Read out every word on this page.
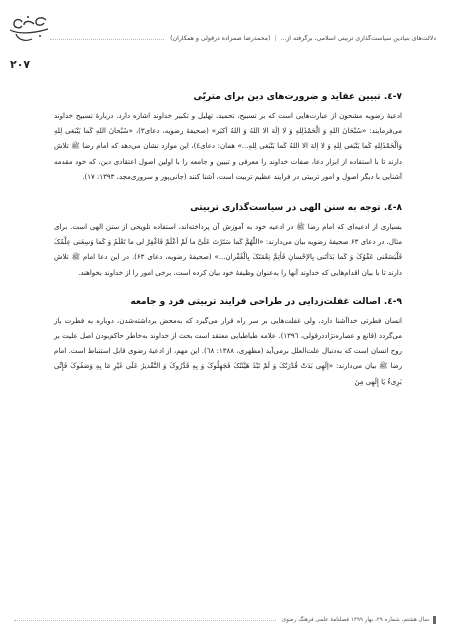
دلالت‌های بنیادین سیاست‌گذاری تربیتی اسلامی، برگرفته از... | (محمدرضا صمزاده درقولی و همکاران)
۲۰۷
۷-٤. تبیین عقاید و ضرورت‌های دین برای متربّی

ادعیهٔ رضویه مشحون از عبارت‌هایی است که بر تسبیح، تحمید، تهلیل و تکبیر خداوند اشاره دارد. دربارهٔ تسبیح خداوند می‌فرمایند: «سُبْحَانَ اللهِ وَ الْحَمْدُلِلهِ وَ لا اِلَهَ الا اللهُ وَ اللهُ اَکبَر» (صحیفهٔ رضویه، دعای۳)، «سُبْحانَ اللهِ کَما یَنْبَغی لِلهِ وَالْحَمْدُلِلهِ کَما یَنْبَغی لِلهِ وَ لا اِلهَ الا اللهُ کَما یَنْبَغی لِلهِ...» همان: دعای٤)، این موارد نشان می‌دهد که امام رضا ﷺ تلاش دارند تا با استفاده از ابزار دعا، صفات خداوند را معرفی و تبیین و جامعه را با اولین اصول اعتقادی دین، که خود مقدمه آشنایی با دیگر اصول و امور تربیتی در فرایند عظیم تربیت است، آشنا کنند (جانی‌پور و سروری‌مجد، ۱۳۹۳: ۱۷).

۸-٤. توجه به سنن الهی در سیاست‌گذاری تربیتی

بسیاری از ادعیه‌ای که امام رضا ﷺ در ادعیه خود به آموزش آن پرداخته‌اند، استفاده تلویحی از سنن الهی است. برای مثال، در دعای ۶۳ صحیفهٔ رضویه بیان می‌دارند: «اللّهُمَّ کَما سَتَرْتَ عَلَیَّ ما لَمْ أعْلَمْ فَاغْفِرْ لی ما تَعْلَمُ وَ کَما وَسِعَنی عِلْمُکَ فَلْیَسَعْنی عَفْوُکَ وَ کَما بَدَأتَنی بِالإحْسانِ فَأتِمَّ نِعْمَتَکَ بِالْغُفْران...» (صحیفهٔ رضویه، دعای ۶۳). در این دعا امام ﷺ تلاش دارند تا با بیان اقدام‌هایی که خداوند آنها را به‌عنوان وظیفهٔ خود بیان کرده است، برخی امور را از خداوند بخواهند.

۹-٤. اصالت غفلت‌زدایی در طراحی فرایند تربیتی فرد و جامعه

انسان فطرتی خداآشنا دارد، ولی غفلت‌هایی بر سر راه قرار می‌گیرد که به‌محض برداشته‌شدن، دوباره به فطرت باز می‌گردد (قانع و عصاره‌نژاددرقولی، ۱۳۹٦). علامه طباطبایی معتقد است بحث از خداوند به‌خاطر حاکم‌بودن اصل علیت بر روح انسان است که به‌دنبال علت‌العلل برمی‌آید (مطهری، ۱۳۸۸: ٦۸). این مهم، از ادعیهٔ رضوی قابل استنباط است. امام رضا ﷺ بیان می‌دارند: «إلَهِی بَدَتْ قُدْرَتُکَ وَ لَمْ تَبْدُ هَیْئَتُکَ فَجَهِلُوکَ وَ بِهِ قَدَّرُوکَ وَ التَّقْدیرُ عَلَی غَیْرِ مَا بِهِ وَصَفُوکَ فَإِنِّی بَرِیءٌ یَا إِلَهِی مِنَ

سال هشتم، شماره ۲۹، بهار ۱۳۹۹ فصلنامهٔ علمی فرهنگ رضوی
